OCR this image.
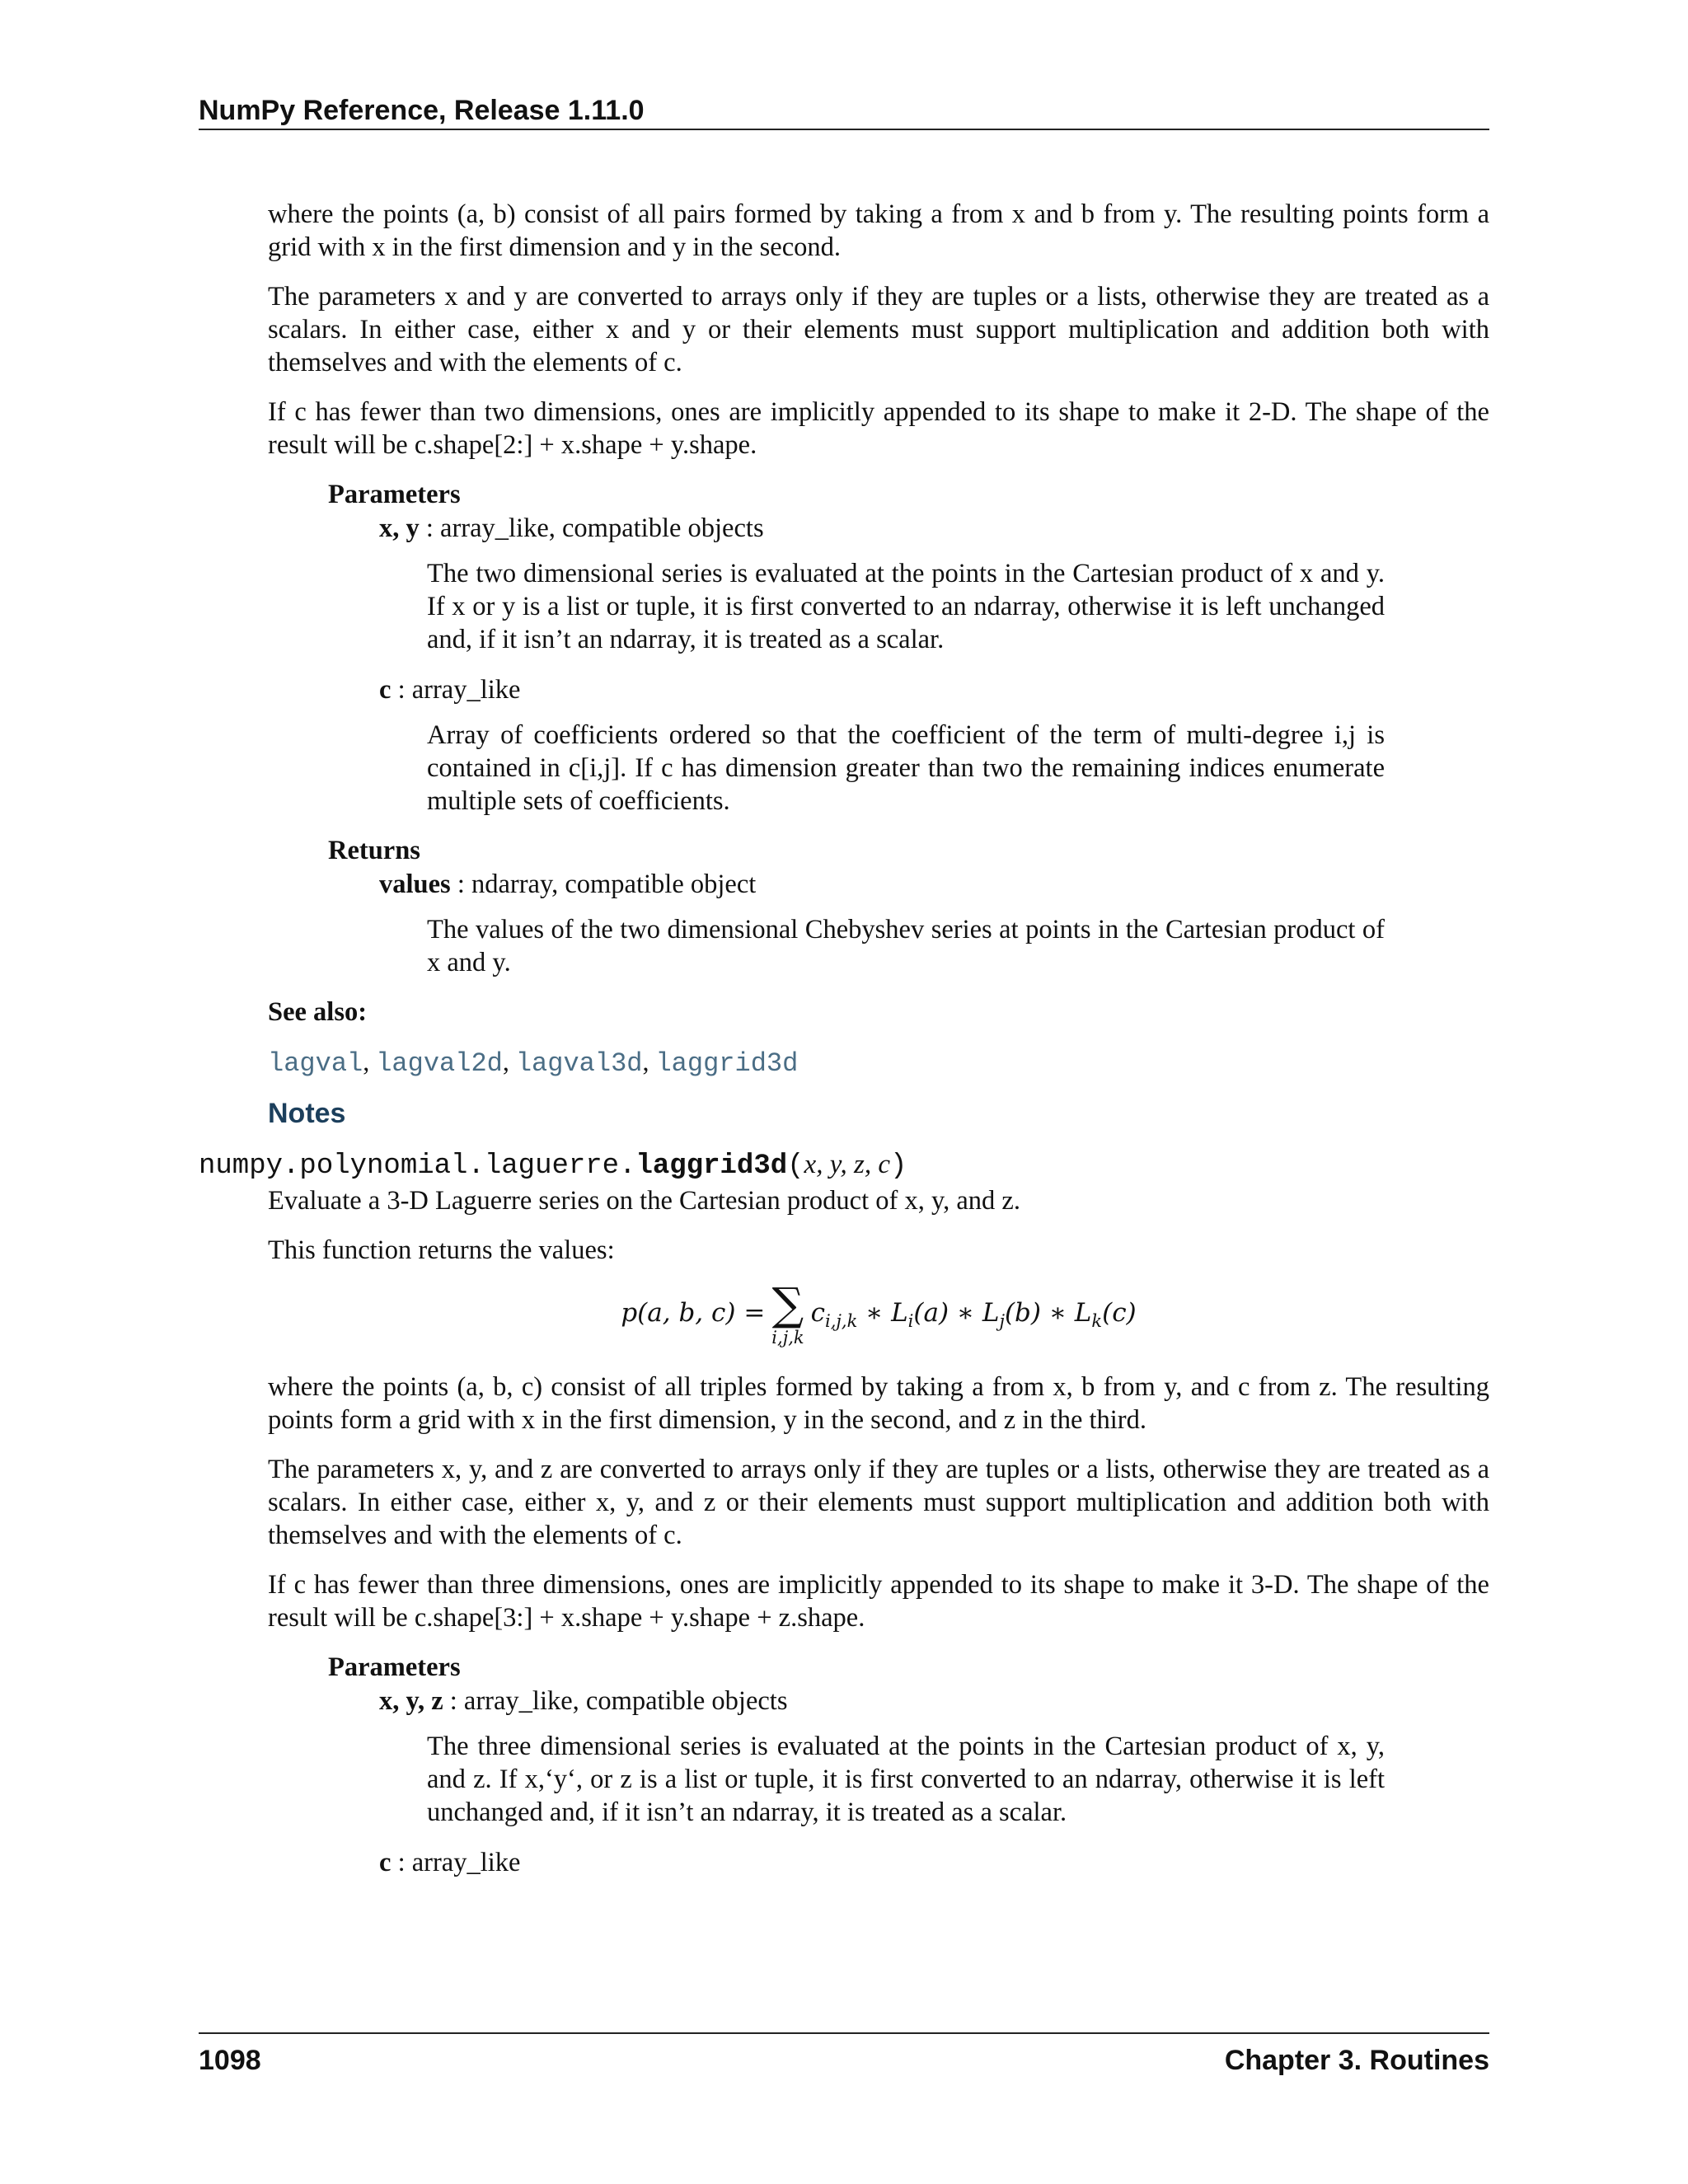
NumPy Reference, Release 1.11.0

where the points (a, b) consist of all pairs formed by taking a from x and b from y. The resulting points form a grid with x in the first dimension and y in the second.

The parameters x and y are converted to arrays only if they are tuples or a lists, otherwise they are treated as a scalars. In either case, either x and y or their elements must support multiplication and addition both with themselves and with the elements of c.

If c has fewer than two dimensions, ones are implicitly appended to its shape to make it 2-D. The shape of the result will be c.shape[2:] + x.shape + y.shape.

Parameters
x, y : array_like, compatible objects
The two dimensional series is evaluated at the points in the Cartesian product of x and y. If x or y is a list or tuple, it is first converted to an ndarray, otherwise it is left unchanged and, if it isn’t an ndarray, it is treated as a scalar.
c : array_like
Array of coefficients ordered so that the coefficient of the term of multi-degree i,j is contained in c[i,j]. If c has dimension greater than two the remaining indices enumerate multiple sets of coefficients.
Returns
values : ndarray, compatible object
The values of the two dimensional Chebyshev series at points in the Cartesian product of x and y.
See also:
lagval, lagval2d, lagval3d, laggrid3d
Notes
numpy.polynomial.laguerre.laggrid3d(x, y, z, c)

Evaluate a 3-D Laguerre series on the Cartesian product of x, y, and z.

This function returns the values:

p(a, b, c) = ∑
i,j,k
$c_{i,j,k}$ ∗ $L_i(a)$ ∗ $L_j(b)$ ∗ $L_k(c)$

where the points (a, b, c) consist of all triples formed by taking a from x, b from y, and c from z. The resulting points form a grid with x in the first dimension, y in the second, and z in the third.

The parameters x, y, and z are converted to arrays only if they are tuples or a lists, otherwise they are treated as a scalars. In either case, either x, y, and z or their elements must support multiplication and addition both with themselves and with the elements of c.

If c has fewer than three dimensions, ones are implicitly appended to its shape to make it 3-D. The shape of the result will be c.shape[3:] + x.shape + y.shape + z.shape.

Parameters
x, y, z : array_like, compatible objects
The three dimensional series is evaluated at the points in the Cartesian product of x, y, and z. If x,‘y‘, or z is a list or tuple, it is first converted to an ndarray, otherwise it is left unchanged and, if it isn’t an ndarray, it is treated as a scalar.
c : array_like
1098	Chapter 3. Routines
